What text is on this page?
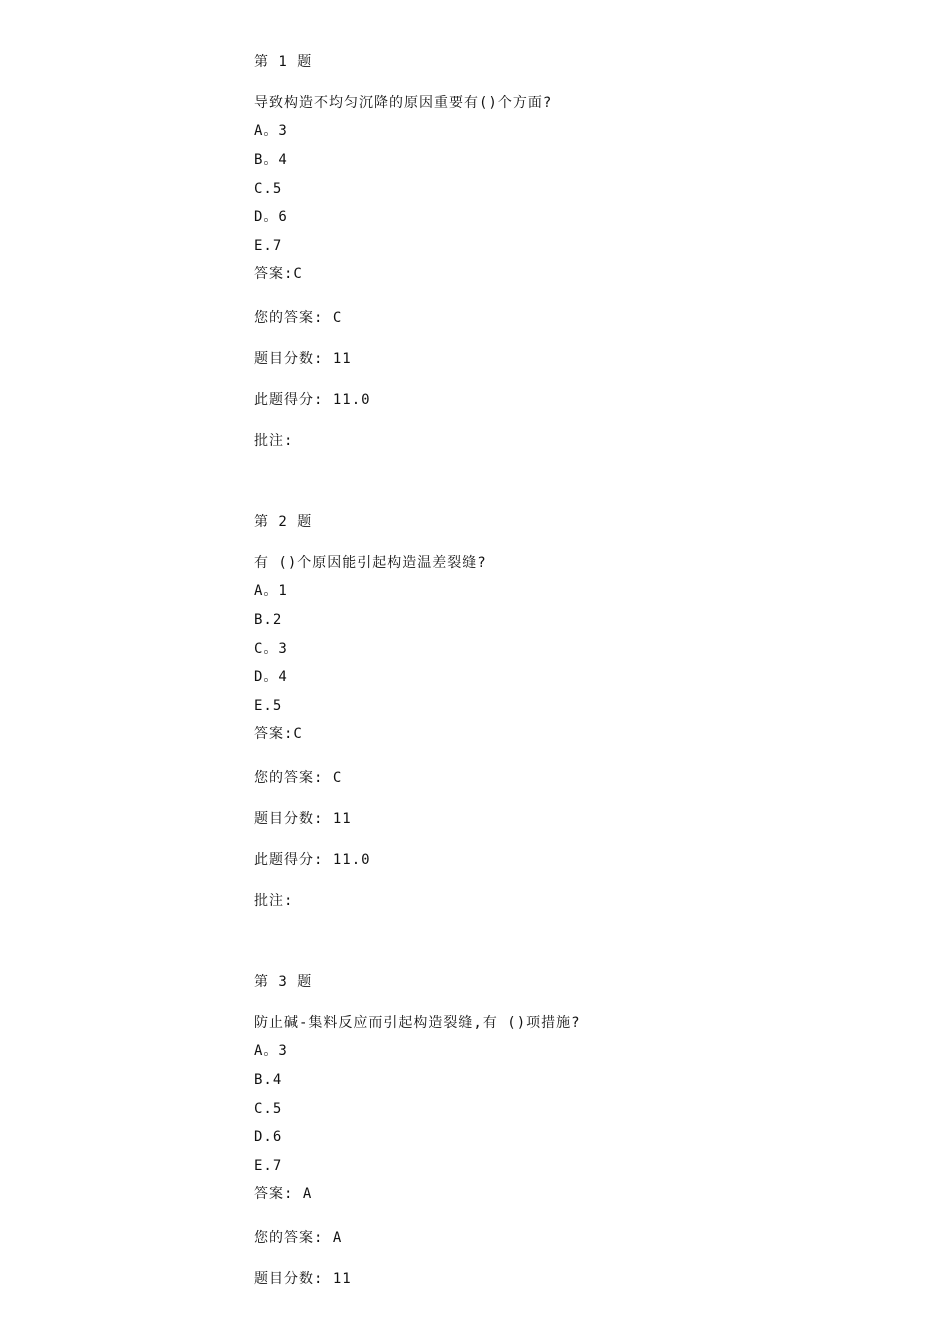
第 1 题
导致构造不均匀沉降的原因重要有()个方面?
A。3
B。4
C.5
D。6
E.7
答案:C
您的答案: C
题目分数: 11
此题得分: 11.0
批注:
第 2 题
有 ()个原因能引起构造温差裂缝?
A。1
B.2
C。3
D。4
E.5
答案:C
您的答案: C
题目分数: 11
此题得分: 11.0
批注:
第 3 题
防止碱-集料反应而引起构造裂缝,有 ()项措施?
A。3
B.4
C.5
D.6
E.7
答案: A
您的答案: A
题目分数: 11
